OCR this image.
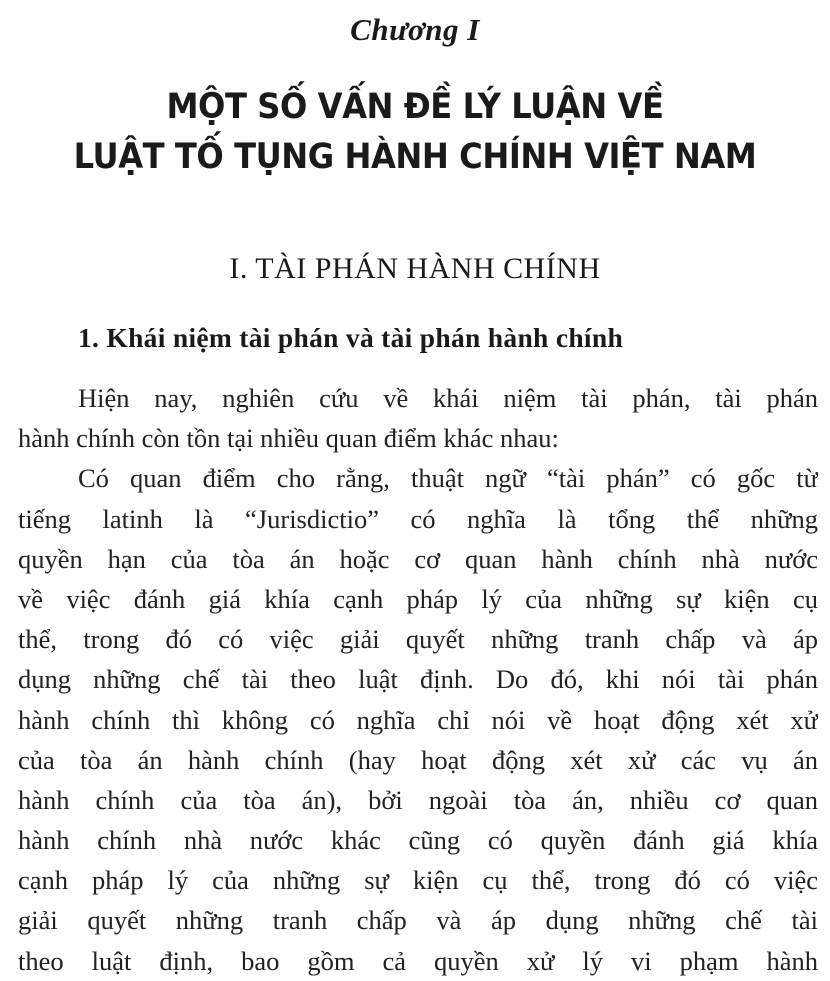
Chương I
MỘT SỐ VẤN ĐỀ LÝ LUẬN VỀ
LUẬT TỐ TỤNG HÀNH CHÍNH VIỆT NAM
I. TÀI PHÁN HÀNH CHÍNH
1. Khái niệm tài phán và tài phán hành chính
Hiện nay, nghiên cứu về khái niệm tài phán, tài phán
hành chính còn tồn tại nhiều quan điểm khác nhau:
Có quan điểm cho rằng, thuật ngữ “tài phán” có gốc từ
tiếng latinh là “Jurisdictio” có nghĩa là tổng thể những
quyền hạn của tòa án hoặc cơ quan hành chính nhà nước
về việc đánh giá khía cạnh pháp lý của những sự kiện cụ
thể, trong đó có việc giải quyết những tranh chấp và áp
dụng những chế tài theo luật định. Do đó, khi nói tài phán
hành chính thì không có nghĩa chỉ nói về hoạt động xét xử
của tòa án hành chính (hay hoạt động xét xử các vụ án
hành chính của tòa án), bởi ngoài tòa án, nhiều cơ quan
hành chính nhà nước khác cũng có quyền đánh giá khía
cạnh pháp lý của những sự kiện cụ thể, trong đó có việc
giải quyết những tranh chấp và áp dụng những chế tài
theo luật định, bao gồm cả quyền xử lý vi phạm hành
